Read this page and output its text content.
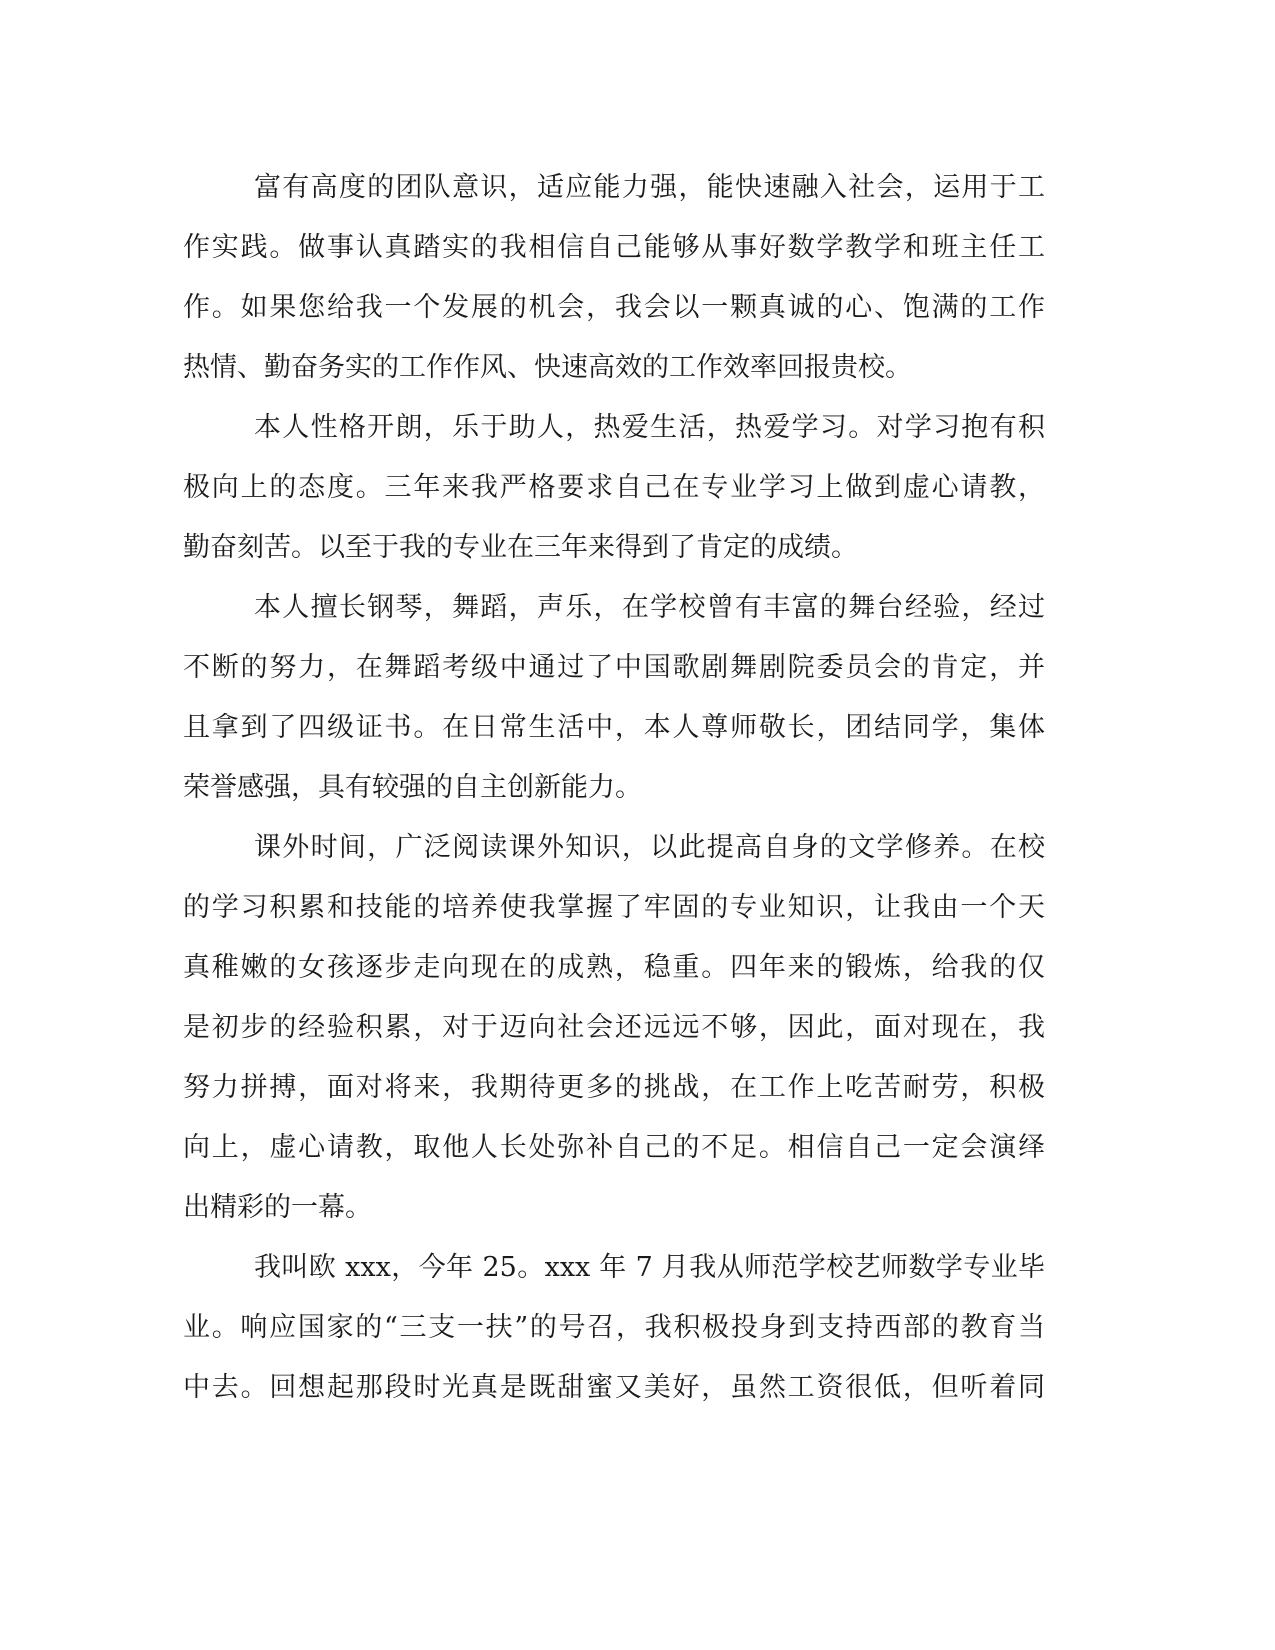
富有高度的团队意识，适应能力强，能快速融入社会，运用于工
作实践。做事认真踏实的我相信自己能够从事好数学教学和班主任工
作。如果您给我一个发展的机会，我会以一颗真诚的心、饱满的工作
热情、勤奋务实的工作作风、快速高效的工作效率回报贵校。
本人性格开朗，乐于助人，热爱生活，热爱学习。对学习抱有积
极向上的态度。三年来我严格要求自己在专业学习上做到虚心请教，
勤奋刻苦。以至于我的专业在三年来得到了肯定的成绩。
本人擅长钢琴，舞蹈，声乐，在学校曾有丰富的舞台经验，经过
不断的努力，在舞蹈考级中通过了中国歌剧舞剧院委员会的肯定，并
且拿到了四级证书。在日常生活中，本人尊师敬长，团结同学，集体
荣誉感强，具有较强的自主创新能力。
课外时间，广泛阅读课外知识，以此提高自身的文学修养。在校
的学习积累和技能的培养使我掌握了牢固的专业知识，让我由一个天
真稚嫩的女孩逐步走向现在的成熟，稳重。四年来的锻炼，给我的仅
是初步的经验积累，对于迈向社会还远远不够，因此，面对现在，我
努力拼搏，面对将来，我期待更多的挑战，在工作上吃苦耐劳，积极
向上，虚心请教，取他人长处弥补自己的不足。相信自己一定会演绎
出精彩的一幕。
我叫欧 xxx，今年 25。xxx 年 7 月我从师范学校艺师数学专业毕
业。响应国家的“三支一扶”的号召，我积极投身到支持西部的教育当
中去。回想起那段时光真是既甜蜜又美好，虽然工资很低，但听着同
